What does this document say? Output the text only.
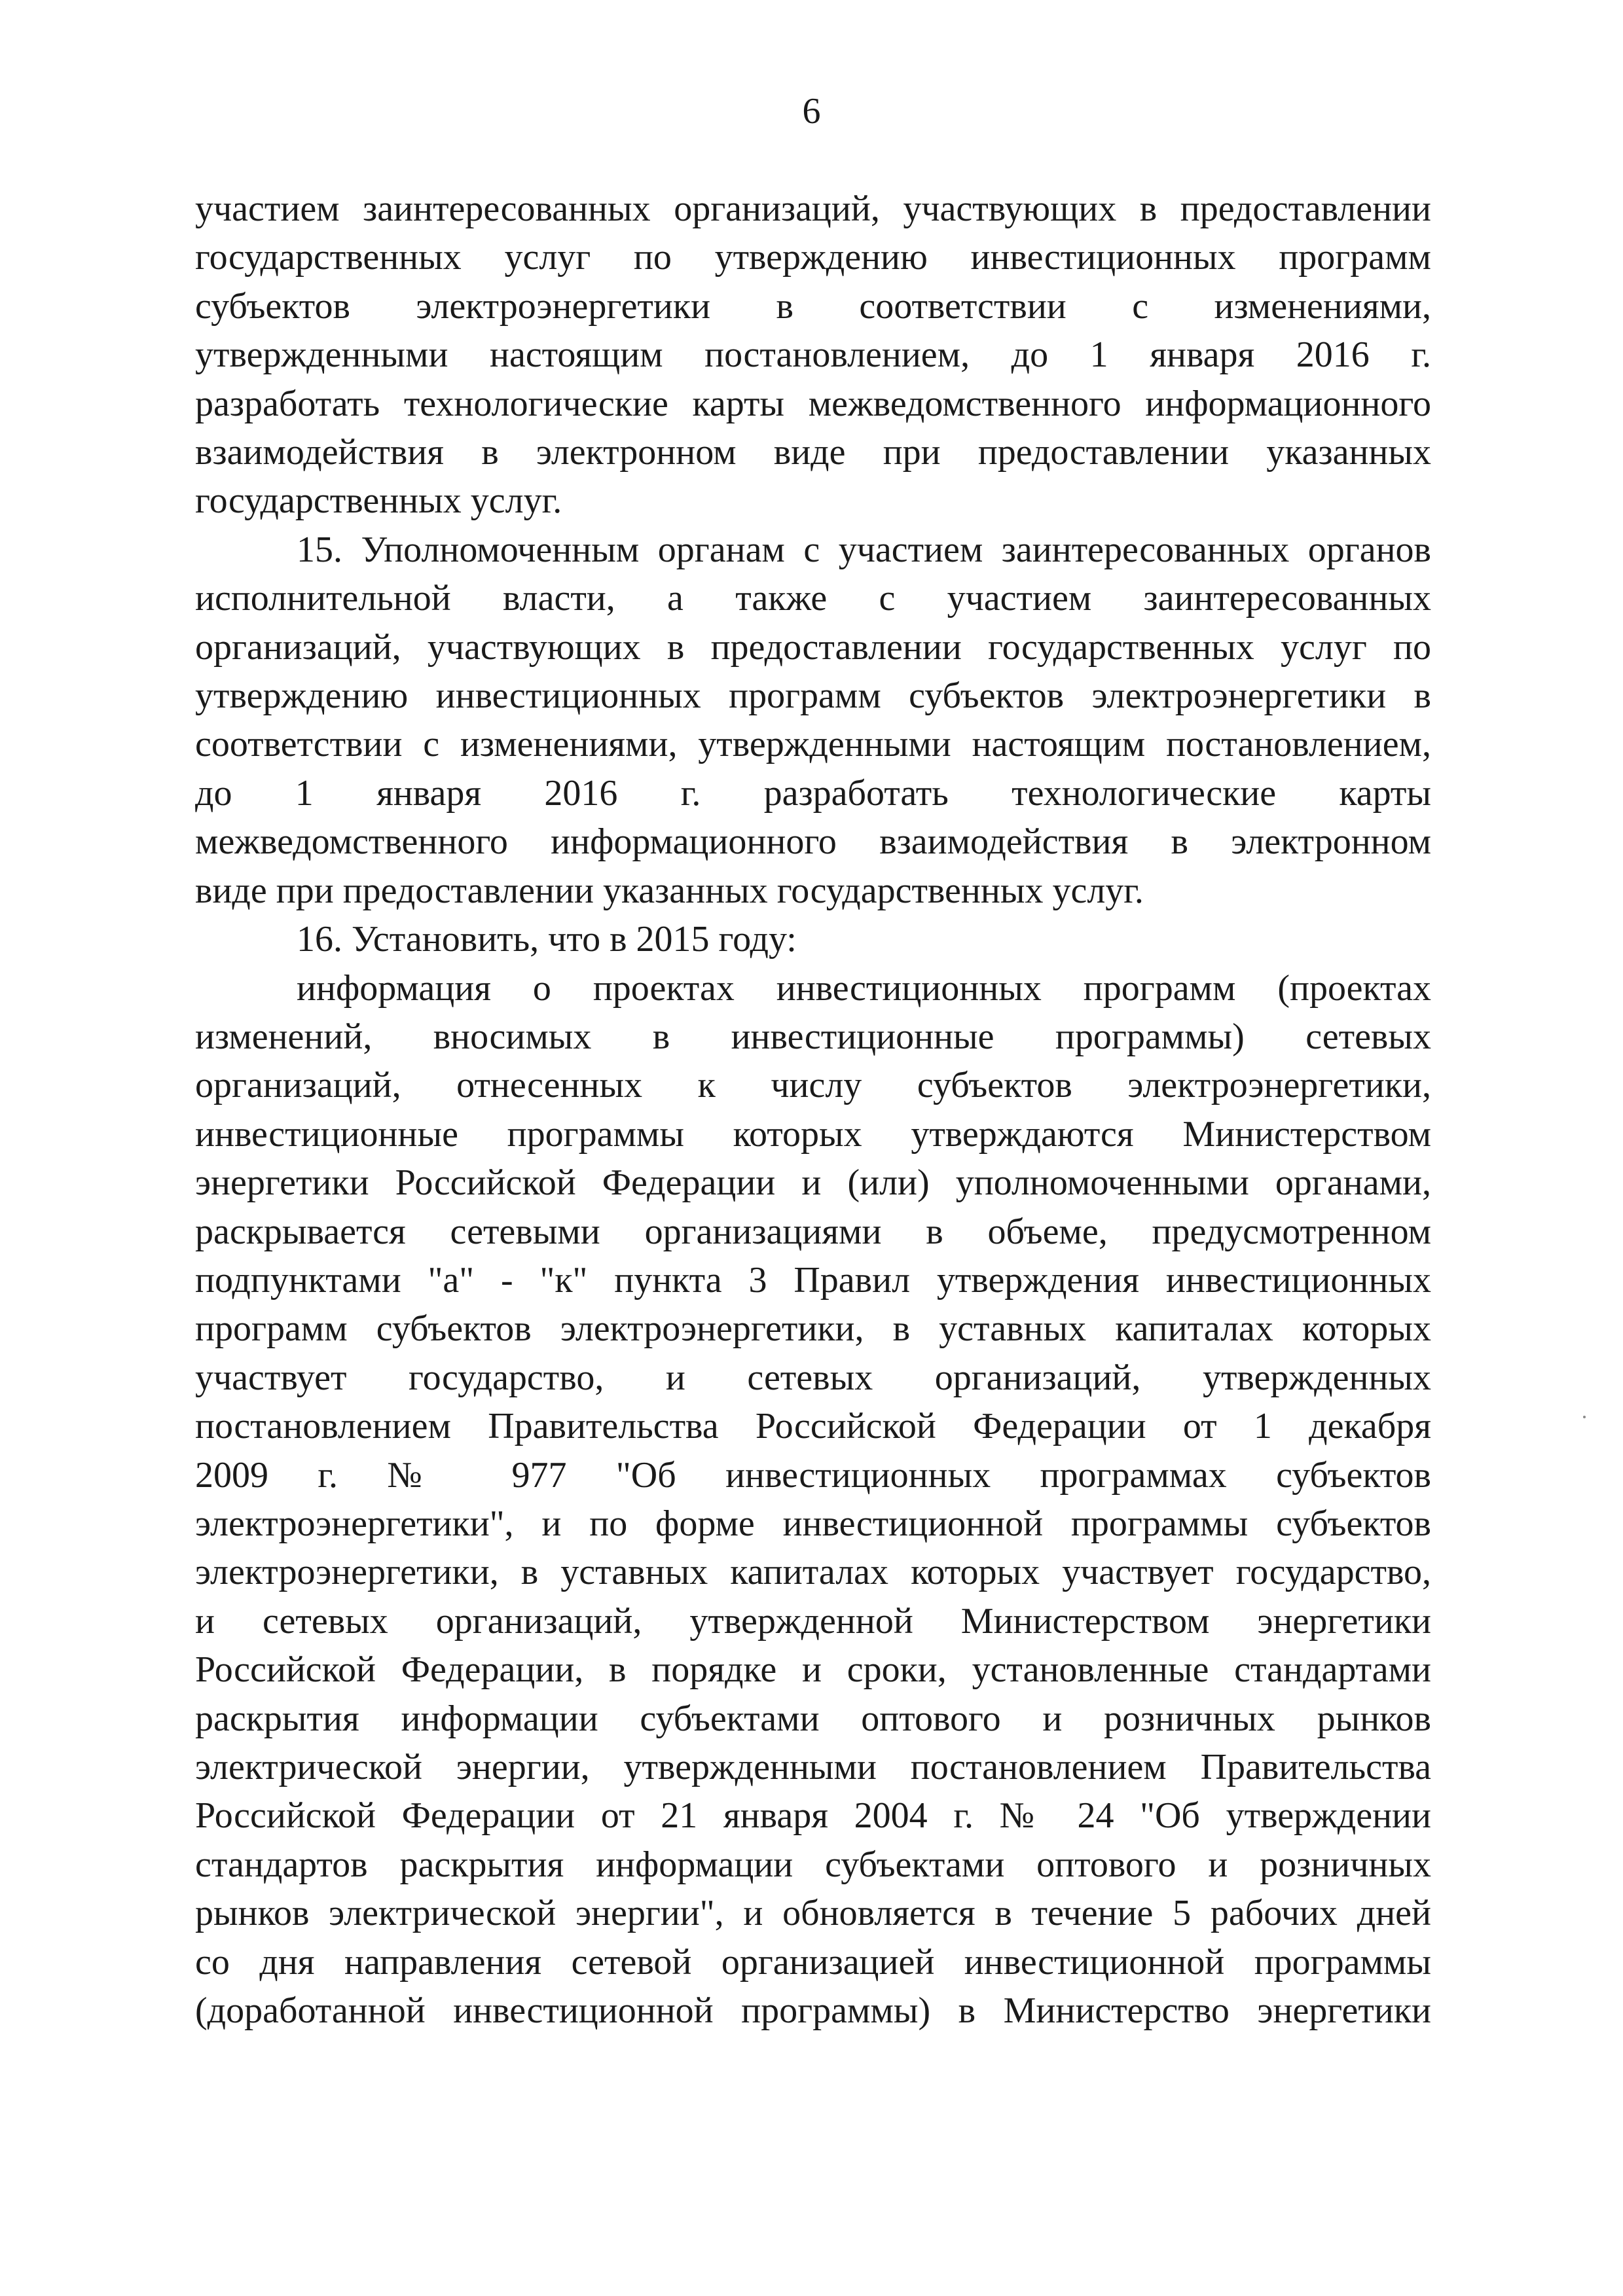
6
участием заинтересованных организаций, участвующих в предоставлении
государственных услуг по утверждению инвестиционных программ
субъектов электроэнергетики в соответствии с изменениями,
утвержденными настоящим постановлением, до 1 января 2016 г.
разработать технологические карты межведомственного информационного
взаимодействия в электронном виде при предоставлении указанных
государственных услуг.
15. Уполномоченным органам с участием заинтересованных органов
исполнительной власти, а также с участием заинтересованных
организаций, участвующих в предоставлении государственных услуг по
утверждению инвестиционных программ субъектов электроэнергетики в
соответствии с изменениями, утвержденными настоящим постановлением,
до 1 января 2016 г. разработать технологические карты
межведомственного информационного взаимодействия в электронном
виде при предоставлении указанных государственных услуг.
16. Установить, что в 2015 году:
информация о проектах инвестиционных программ (проектах
изменений, вносимых в инвестиционные программы) сетевых
организаций, отнесенных к числу субъектов электроэнергетики,
инвестиционные программы которых утверждаются Министерством
энергетики Российской Федерации и (или) уполномоченными органами,
раскрывается сетевыми организациями в объеме, предусмотренном
подпунктами "а" - "к" пункта 3 Правил утверждения инвестиционных
программ субъектов электроэнергетики, в уставных капиталах которых
участвует государство, и сетевых организаций, утвержденных
постановлением Правительства Российской Федерации от 1 декабря
2009 г. № 977 "Об инвестиционных программах субъектов
электроэнергетики", и по форме инвестиционной программы субъектов
электроэнергетики, в уставных капиталах которых участвует государство,
и сетевых организаций, утвержденной Министерством энергетики
Российской Федерации, в порядке и сроки, установленные стандартами
раскрытия информации субъектами оптового и розничных рынков
электрической энергии, утвержденными постановлением Правительства
Российской Федерации от 21 января 2004 г. № 24 "Об утверждении
стандартов раскрытия информации субъектами оптового и розничных
рынков электрической энергии", и обновляется в течение 5 рабочих дней
со дня направления сетевой организацией инвестиционной программы
(доработанной инвестиционной программы) в Министерство энергетики
